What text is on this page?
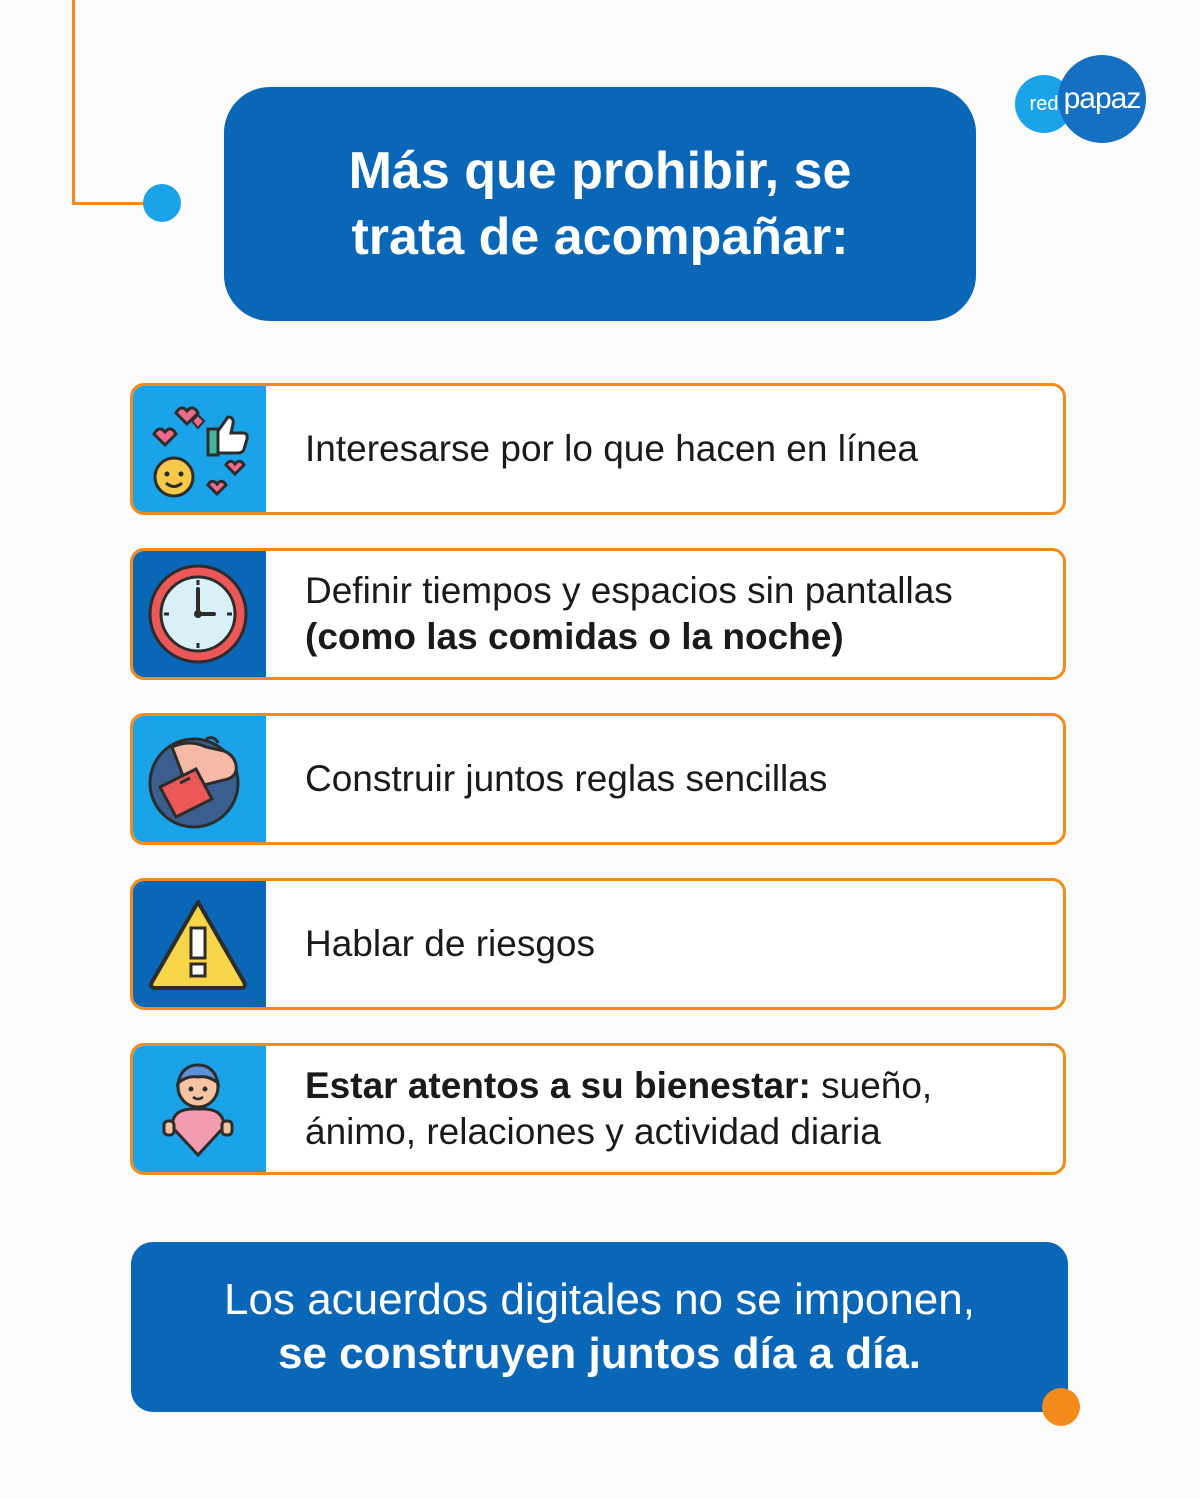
red papaz
Más que prohibir, se
trata de acompañar:
Interesarse por lo que hacen en línea
Definir tiempos y espacios sin pantallas
(como las comidas o la noche)
Construir juntos reglas sencillas
Hablar de riesgos
Estar atentos a su bienestar: sueño,
ánimo, relaciones y actividad diaria
Los acuerdos digitales no se imponen,
se construyen juntos día a día.
